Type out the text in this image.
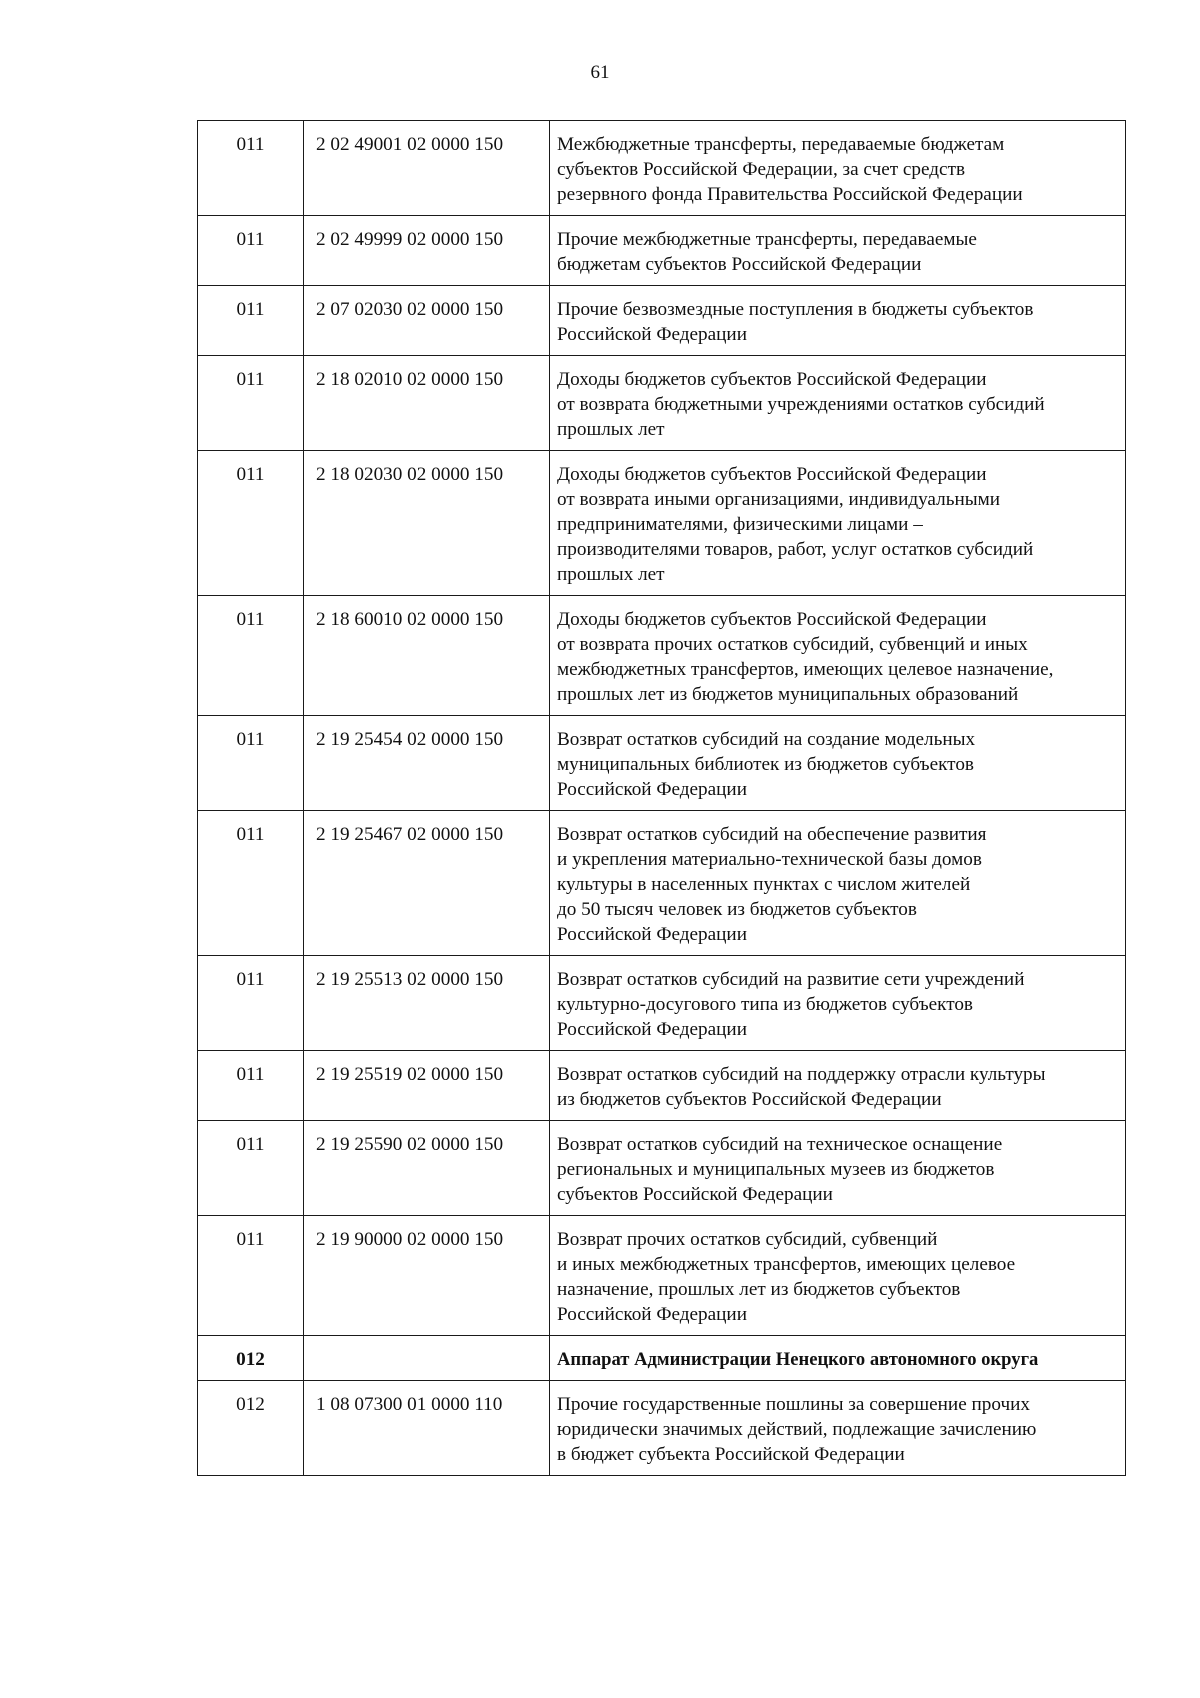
61
011	2 02 49001 02 0000 150	Межбюджетные трансферты, передаваемые бюджетам
субъектов Российской Федерации, за счет средств
резервного фонда Правительства Российской Федерации
011	2 02 49999 02 0000 150	Прочие межбюджетные трансферты, передаваемые
бюджетам субъектов Российской Федерации
011	2 07 02030 02 0000 150	Прочие безвозмездные поступления в бюджеты субъектов
Российской Федерации
011	2 18 02010 02 0000 150	Доходы бюджетов субъектов Российской Федерации
от возврата бюджетными учреждениями остатков субсидий
прошлых лет
011	2 18 02030 02 0000 150	Доходы бюджетов субъектов Российской Федерации
от возврата иными организациями, индивидуальными
предпринимателями, физическими лицами –
производителями товаров, работ, услуг остатков субсидий
прошлых лет
011	2 18 60010 02 0000 150	Доходы бюджетов субъектов Российской Федерации
от возврата прочих остатков субсидий, субвенций и иных
межбюджетных трансфертов, имеющих целевое назначение,
прошлых лет из бюджетов муниципальных образований
011	2 19 25454 02 0000 150	Возврат остатков субсидий на создание модельных
муниципальных библиотек из бюджетов субъектов
Российской Федерации
011	2 19 25467 02 0000 150	Возврат остатков субсидий на обеспечение развития
и укрепления материально-технической базы домов
культуры в населенных пунктах с числом жителей
до 50 тысяч человек из бюджетов субъектов
Российской Федерации
011	2 19 25513 02 0000 150	Возврат остатков субсидий на развитие сети учреждений
культурно-досугового типа из бюджетов субъектов
Российской Федерации
011	2 19 25519 02 0000 150	Возврат остатков субсидий на поддержку отрасли культуры
из бюджетов субъектов Российской Федерации
011	2 19 25590 02 0000 150	Возврат остатков субсидий на техническое оснащение
региональных и муниципальных музеев из бюджетов
субъектов Российской Федерации
011	2 19 90000 02 0000 150	Возврат прочих остатков субсидий, субвенций
и иных межбюджетных трансфертов, имеющих целевое
назначение, прошлых лет из бюджетов субъектов
Российской Федерации
012		Аппарат Администрации Ненецкого автономного округа
012	1 08 07300 01 0000 110	Прочие государственные пошлины за совершение прочих
юридически значимых действий, подлежащие зачислению
в бюджет субъекта Российской Федерации
